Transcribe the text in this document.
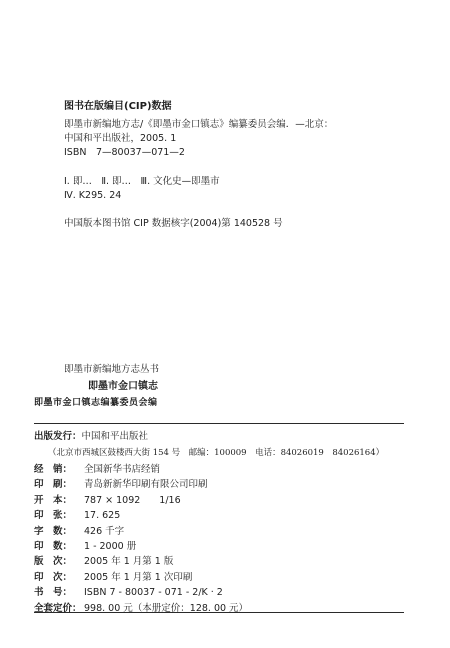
图书在版编目(CIP)数据
即墨市新编地方志/《即墨市金口镇志》编纂委员会编．—北京：
中国和平出版社，2005. 1
ISBN　7—80037—071—2
Ⅰ. 即…　Ⅱ. 即…　Ⅲ. 文化史—即墨市
Ⅳ. K295. 24
中国版本图书馆 CIP 数据核字(2004)第 140528 号
即墨市新编地方志丛书
即墨市金口镇志
即墨市金口镇志编纂委员会编
出版发行：中国和平出版社
（北京市西城区鼓楼西大街 154 号　邮编：100009　电话：84026019　84026164）
经　销： 全国新华书店经销
印　刷： 青岛新新华印刷有限公司印刷
开　本： 787 × 1092　　1/16
印　张： 17. 625
字　数： 426 千字
印　数： 1 - 2000 册
版　次： 2005 年 1 月第 1 版
印　次： 2005 年 1 月第 1 次印刷
书　号： ISBN 7 - 80037 - 071 - 2/K · 2
全套定价： 998. 00 元（本册定价：128. 00 元）
